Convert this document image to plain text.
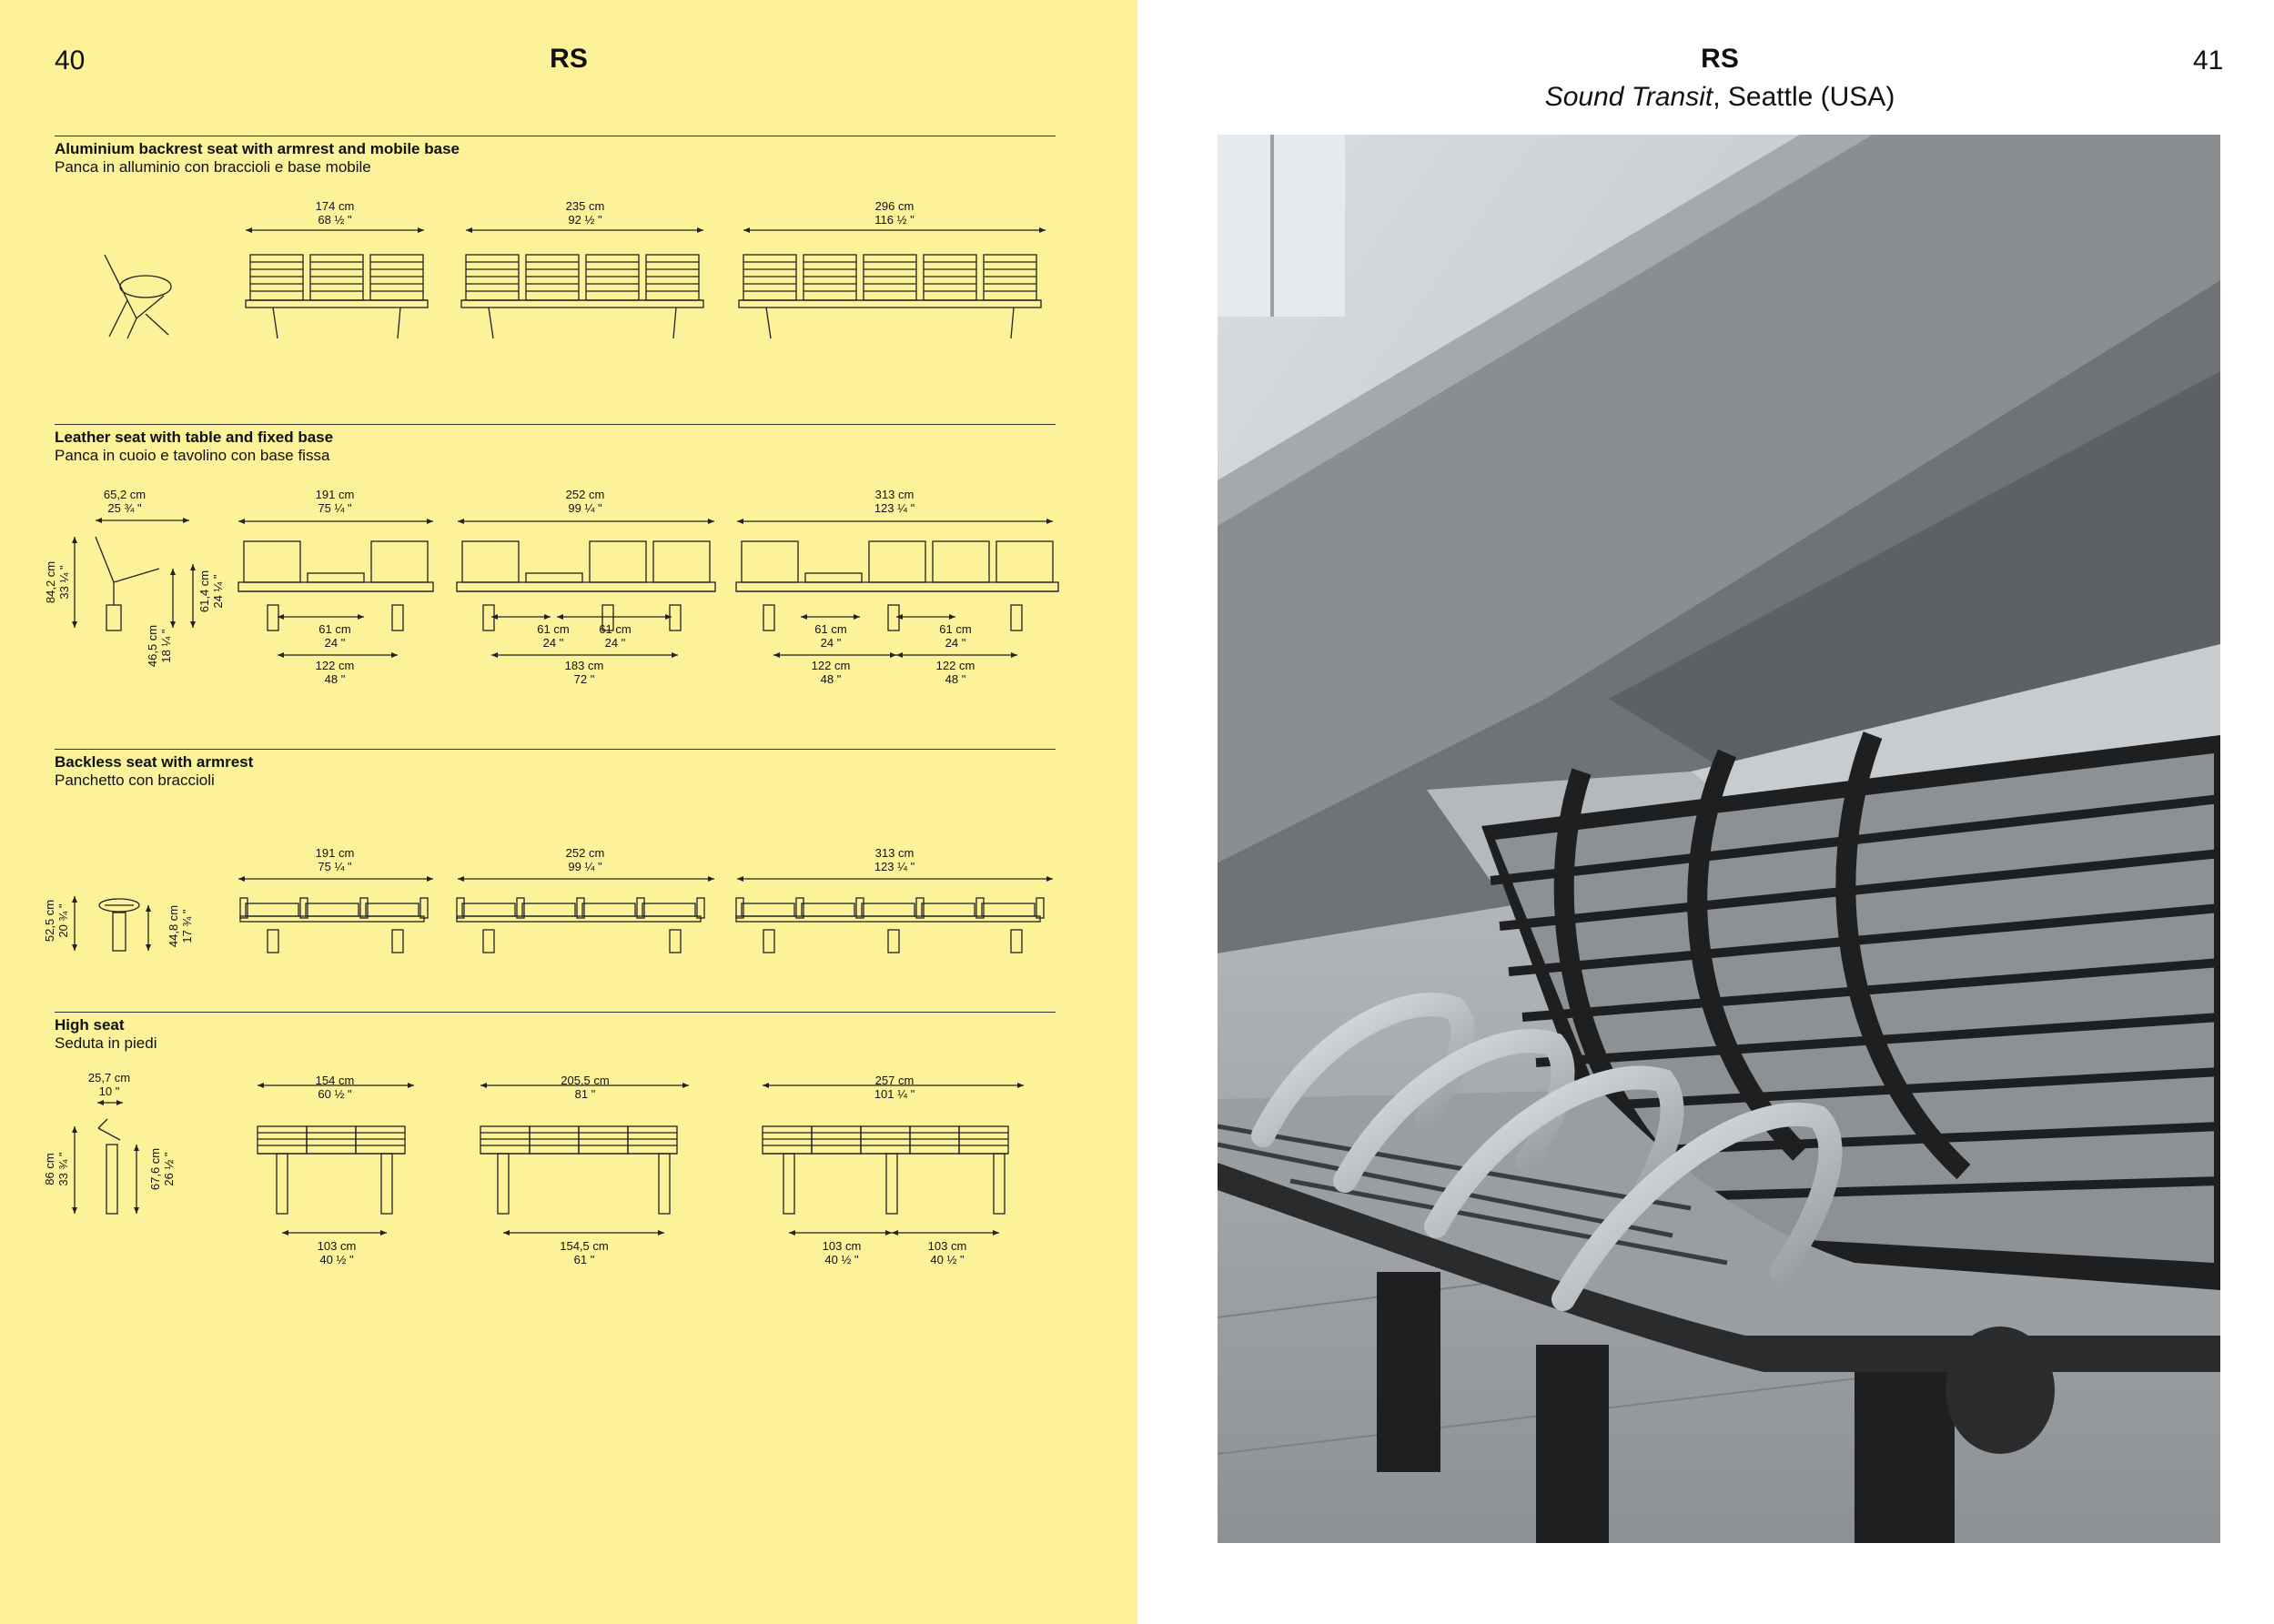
40	RS
Aluminium backrest seat with armrest and mobile base
Panca in alluminio con braccioli e base mobile
174 cm
68 ½ "
235 cm
92 ½ "
296 cm
116 ½ "
Leather seat with table and fixed base
Panca in cuoio e tavolino con base fissa
65,2 cm
25 ¾ "
84,2 cm
33 ¼ "	61,4 cm
24 ¼ "
46,5 cm
18 ¼ "
191 cm
75 ¼ "
252 cm
99 ¼ "
313 cm
123 ¼ "
61 cm
24 "
61 cm
24 "
61 cm
24 "
61 cm
24 "
61 cm
24 "
122 cm
48 "
183 cm
72 "
122 cm
48 "
122 cm
48 "
Backless seat with armrest
Panchetto con braccioli
52,5 cm
20 ¾ "	44,8 cm
17 ¾ "
191 cm
75 ¼ "
252 cm
99 ¼ "
313 cm
123 ¼ "
High seat
Seduta in piedi
25,7 cm
10 "
86 cm
33 ¾ "	67,6 cm
26 ½ "
154 cm
60 ½ "
205,5 cm
81 "
257 cm
101 ¼ "
103 cm
40 ½ "
154,5 cm
61 "
103 cm
40 ½ "
103 cm
40 ½ "
RS	41
Sound Transit, Seattle (USA)
